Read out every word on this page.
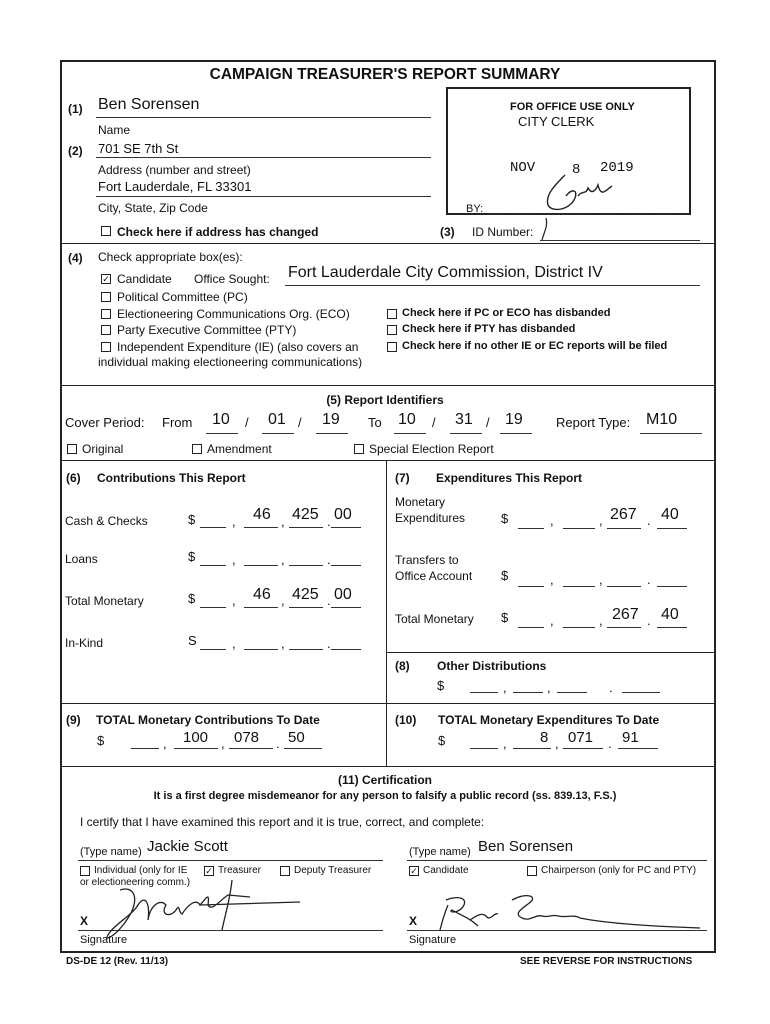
CAMPAIGN TREASURER'S REPORT SUMMARY
(1) Ben Sorensen
Name
(2) 701 SE 7th St
Address (number and street)
Fort Lauderdale, FL 33301
City, State, Zip Code
Check here if address has changed	(3) ID Number:
FOR OFFICE USE ONLY
CITY CLERK
NOV	8 2019
BY:
(4) Check appropriate box(es):
✓ Candidate Office Sought: Fort Lauderdale City Commission, District IV
Political Committee (PC)
Electioneering Communications Org. (ECO)
Party Executive Committee (PTY)
Independent Expenditure (IE) (also covers an
individual making electioneering communications)
Check here if PC or ECO has disbanded
Check here if PTY has disbanded
Check here if no other IE or EC reports will be filed
(5) Report Identifiers
Cover Period: From 10 / 01 / 19 To 10 / 31 / 19	Report Type: M10
Original	Amendment	Special Election Report
(6) Contributions This Report
Cash & Checks	$	, 46 , 425 . 00
Loans	$	,	,	.
Total Monetary	$	, 46 , 425 . 00
In-Kind	S	,	,	.
(7) Expenditures This Report
Monetary
Expenditures	$	,	, 267 . 40
Transfers to
Office Account $	,	,	.
Total Monetary $	,	, 267 . 40
(8) Other Distributions
$	,	,	.
(9) TOTAL Monetary Contributions To Date
$	, 100 , 078 . 50
(10) TOTAL Monetary Expenditures To Date
$	, 8 , 071 . 91
(11) Certification
It is a first degree misdemeanor for any person to falsify a public record (ss. 839.13, F.S.)
I certify that I have examined this report and it is true, correct, and complete:
(Type name) Jackie Scott
Individual (only for IE
or electioneering comm.)
✓ Treasurer	Deputy Treasurer
X
Signature
(Type name) Ben Sorensen
✓ Candidate	Chairperson (only for PC and PTY)
X
Signature
DS-DE 12 (Rev. 11/13)	SEE REVERSE FOR INSTRUCTIONS
